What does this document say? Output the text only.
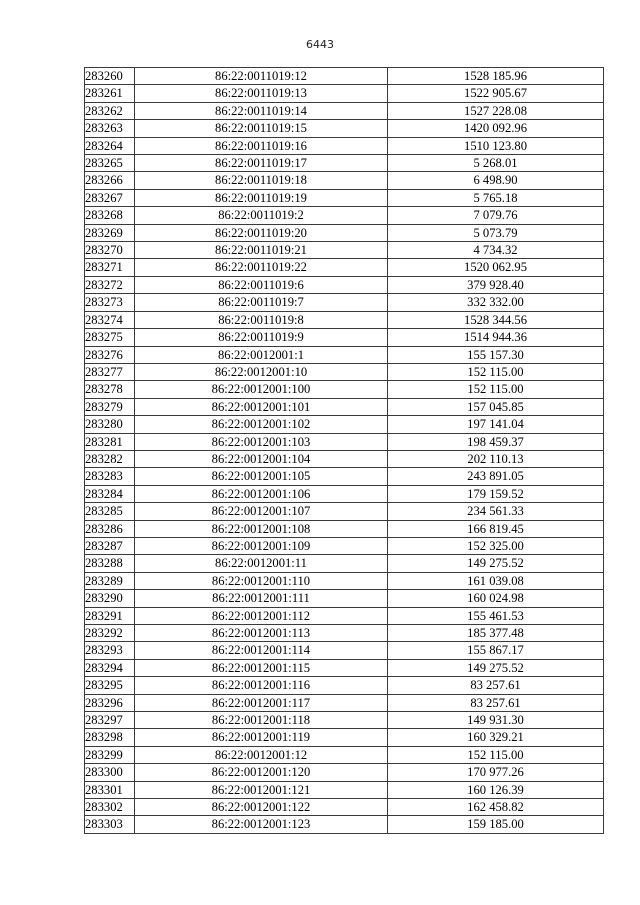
6443
283260	86:22:0011019:12	1528 185.96
283261	86:22:0011019:13	1522 905.67
283262	86:22:0011019:14	1527 228.08
283263	86:22:0011019:15	1420 092.96
283264	86:22:0011019:16	1510 123.80
283265	86:22:0011019:17	5 268.01
283266	86:22:0011019:18	6 498.90
283267	86:22:0011019:19	5 765.18
283268	86:22:0011019:2	7 079.76
283269	86:22:0011019:20	5 073.79
283270	86:22:0011019:21	4 734.32
283271	86:22:0011019:22	1520 062.95
283272	86:22:0011019:6	379 928.40
283273	86:22:0011019:7	332 332.00
283274	86:22:0011019:8	1528 344.56
283275	86:22:0011019:9	1514 944.36
283276	86:22:0012001:1	155 157.30
283277	86:22:0012001:10	152 115.00
283278	86:22:0012001:100	152 115.00
283279	86:22:0012001:101	157 045.85
283280	86:22:0012001:102	197 141.04
283281	86:22:0012001:103	198 459.37
283282	86:22:0012001:104	202 110.13
283283	86:22:0012001:105	243 891.05
283284	86:22:0012001:106	179 159.52
283285	86:22:0012001:107	234 561.33
283286	86:22:0012001:108	166 819.45
283287	86:22:0012001:109	152 325.00
283288	86:22:0012001:11	149 275.52
283289	86:22:0012001:110	161 039.08
283290	86:22:0012001:111	160 024.98
283291	86:22:0012001:112	155 461.53
283292	86:22:0012001:113	185 377.48
283293	86:22:0012001:114	155 867.17
283294	86:22:0012001:115	149 275.52
283295	86:22:0012001:116	83 257.61
283296	86:22:0012001:117	83 257.61
283297	86:22:0012001:118	149 931.30
283298	86:22:0012001:119	160 329.21
283299	86:22:0012001:12	152 115.00
283300	86:22:0012001:120	170 977.26
283301	86:22:0012001:121	160 126.39
283302	86:22:0012001:122	162 458.82
283303	86:22:0012001:123	159 185.00
